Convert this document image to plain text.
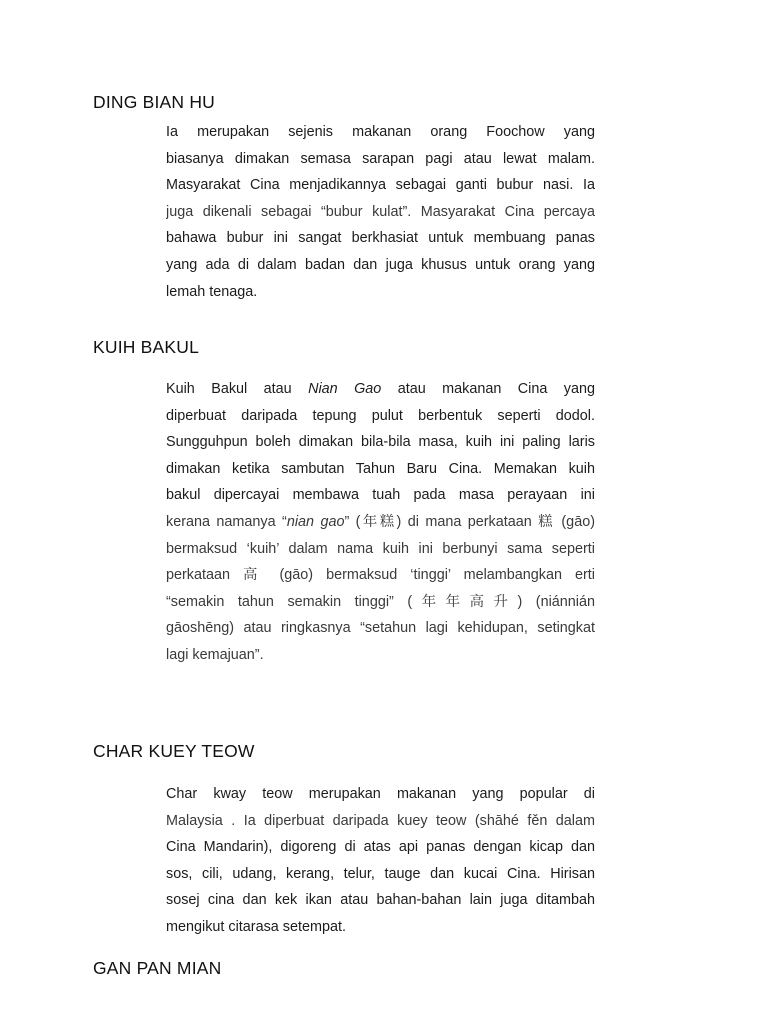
DING BIAN HU
Ia merupakan sejenis makanan orang Foochow yang
biasanya dimakan semasa sarapan pagi atau lewat malam.
Masyarakat Cina menjadikannya sebagai ganti bubur nasi. Ia
juga dikenali sebagai “bubur kulat”. Masyarakat Cina percaya
bahawa bubur ini sangat berkhasiat untuk membuang panas
yang ada di dalam badan dan juga khusus untuk orang yang
lemah tenaga.
KUIH BAKUL
Kuih Bakul atau Nian Gao atau makanan Cina yang
diperbuat daripada tepung pulut berbentuk seperti dodol.
Sungguhpun boleh dimakan bila-bila masa, kuih ini paling laris
dimakan ketika sambutan Tahun Baru Cina. Memakan kuih
bakul dipercayai membawa tuah pada masa perayaan ini
kerana namanya “nian gao” (年糕) di mana perkataan 糕 (gāo)
bermaksud ‘kuih’ dalam nama kuih ini berbunyi sama seperti
perkataan 高 (gāo) bermaksud ‘tinggi’ melambangkan erti
“semakin tahun semakin tinggi” (年年高升) (niánnián
gāoshēng) atau ringkasnya “setahun lagi kehidupan, setingkat
lagi kemajuan”.
CHAR KUEY TEOW
Char kway teow merupakan makanan yang popular di
Malaysia . Ia diperbuat daripada kuey teow (shāhé fěn dalam
Cina Mandarin), digoreng di atas api panas dengan kicap dan
sos, cili, udang, kerang, telur, tauge dan kucai Cina. Hirisan
sosej cina dan kek ikan atau bahan-bahan lain juga ditambah
mengikut citarasa setempat.
GAN PAN MIAN
